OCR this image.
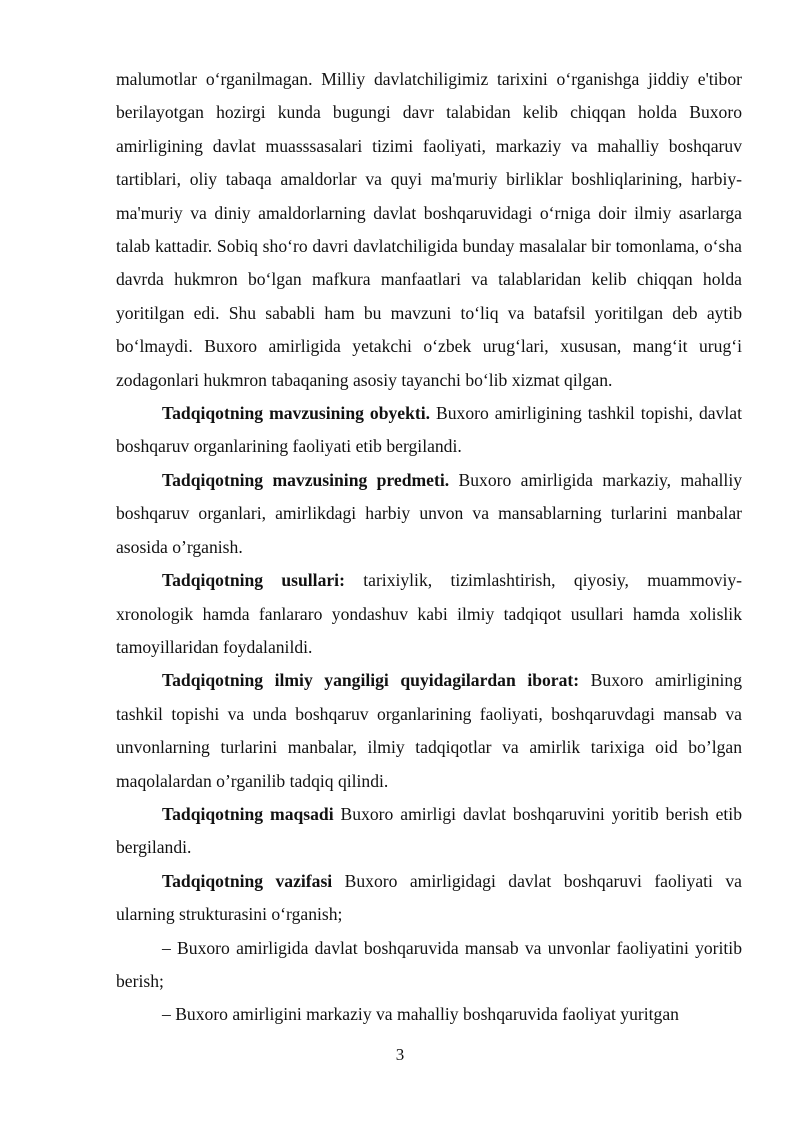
malumotlar o‘rganilmagan. Milliy davlatchiligimiz tarixini o‘rganishga jiddiy e'tibor berilayotgan hozirgi kunda bugungi davr talabidan kelib chiqqan holda Buxoro amirligining davlat muasssasalari tizimi faoliyati, markaziy va mahalliy boshqaruv tartiblari, oliy tabaqa amaldorlar va quyi ma'muriy birliklar boshliqlarining, harbiy-ma'muriy va diniy amaldorlarning davlat boshqaruvidagi o‘rniga doir ilmiy asarlarga talab kattadir. Sobiq sho‘ro davri davlatchiligida bunday masalalar bir tomonlama, o‘sha davrda hukmron bo‘lgan mafkura manfaatlari va talablaridan kelib chiqqan holda yoritilgan edi. Shu sababli ham bu mavzuni to‘liq va batafsil yoritilgan deb aytib bo‘lmaydi. Buxoro amirligida yetakchi o‘zbek urug‘lari, xususan, mang‘it urug‘i zodagonlari hukmron tabaqaning asosiy tayanchi bo‘lib xizmat qilgan.

Tadqiqotning mavzusining obyekti. Buxoro amirligining tashkil topishi, davlat boshqaruv organlarining faoliyati etib bergilandi.

Tadqiqotning mavzusining predmeti. Buxoro amirligida markaziy, mahalliy boshqaruv organlari, amirlikdagi harbiy unvon va mansablarning turlarini manbalar asosida o’rganish.

Tadqiqotning usullari: tarixiylik, tizimlashtirish, qiyosiy, muammoviy-xronologik hamda fanlararo yondashuv kabi ilmiy tadqiqot usullari hamda xolislik tamoyillaridan foydalanildi.

Tadqiqotning ilmiy yangiligi quyidagilardan iborat: Buxoro amirligining tashkil topishi va unda boshqaruv organlarining faoliyati, boshqaruvdagi mansab va unvonlarning turlarini manbalar, ilmiy tadqiqotlar va amirlik tarixiga oid bo’lgan maqolalardan o’rganilib tadqiq qilindi.

Tadqiqotning maqsadi Buxoro amirligi davlat boshqaruvini yoritib berish etib bergilandi.

Tadqiqotning vazifasi Buxoro amirligidagi davlat boshqaruvi faoliyati va ularning strukturasini o‘rganish;

– Buxoro amirligida davlat boshqaruvida mansab va unvonlar faoliyatini yoritib berish;

– Buxoro amirligini markaziy va mahalliy boshqaruvida faoliyat yuritgan

3
